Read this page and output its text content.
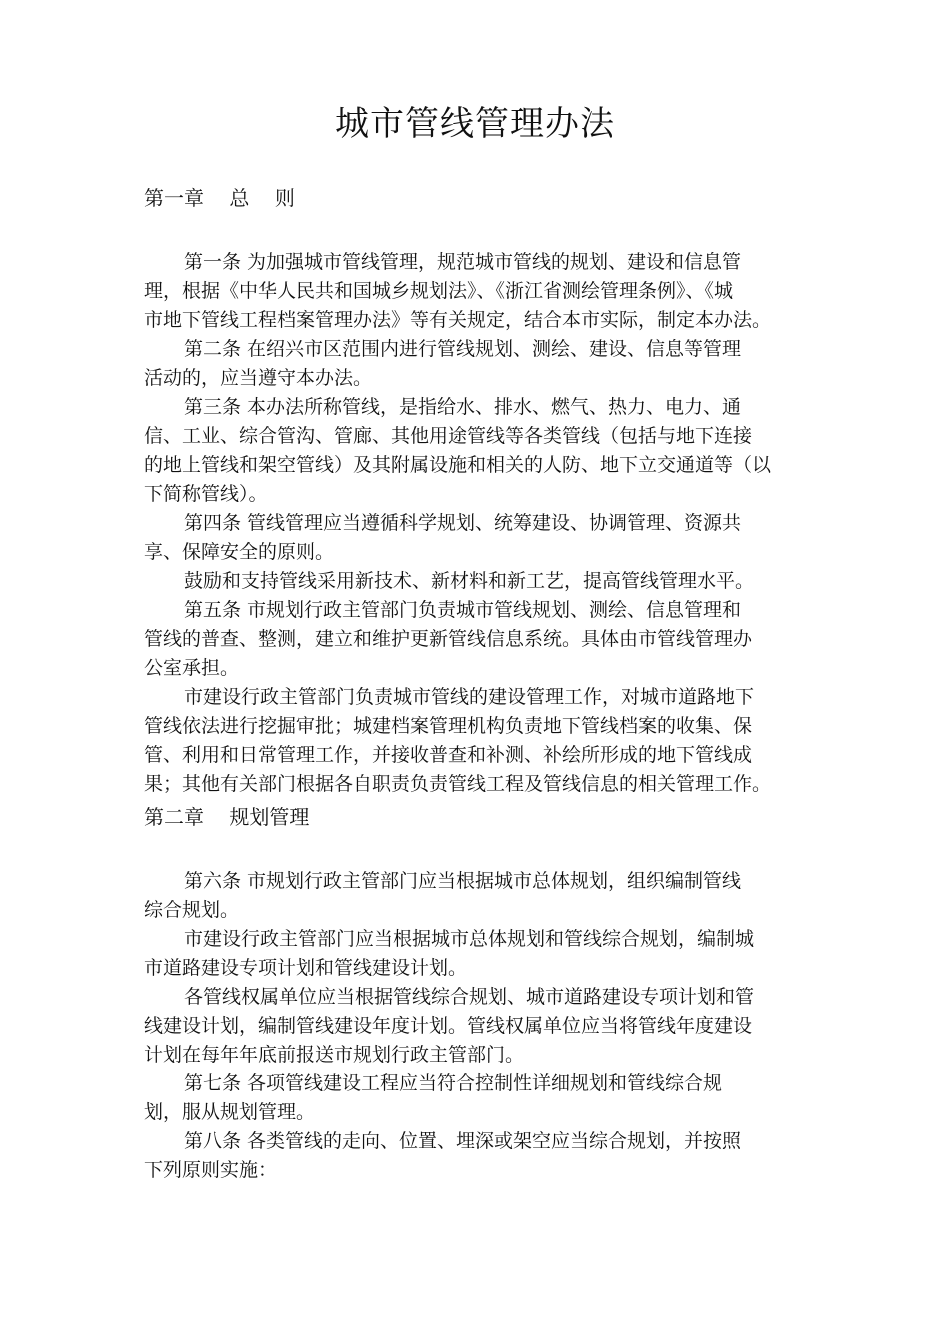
城市管线管理办法
第一章    总    则
第一条 为加强城市管线管理，规范城市管线的规划、建设和信息管
理，根据《中华人民共和国城乡规划法》、《浙江省测绘管理条例》、《城
市地下管线工程档案管理办法》等有关规定，结合本市实际，制定本办法。
第二条 在绍兴市区范围内进行管线规划、测绘、建设、信息等管理
活动的，应当遵守本办法。
第三条 本办法所称管线，是指给水、排水、燃气、热力、电力、通
信、工业、综合管沟、管廊、其他用途管线等各类管线（包括与地下连接
的地上管线和架空管线）及其附属设施和相关的人防、地下立交通道等（以
下简称管线）。
第四条 管线管理应当遵循科学规划、统筹建设、协调管理、资源共
享、保障安全的原则。
鼓励和支持管线采用新技术、新材料和新工艺，提高管线管理水平。
第五条 市规划行政主管部门负责城市管线规划、测绘、信息管理和
管线的普查、整测，建立和维护更新管线信息系统。具体由市管线管理办
公室承担。
市建设行政主管部门负责城市管线的建设管理工作，对城市道路地下
管线依法进行挖掘审批；城建档案管理机构负责地下管线档案的收集、保
管、利用和日常管理工作，并接收普查和补测、补绘所形成的地下管线成
果；其他有关部门根据各自职责负责管线工程及管线信息的相关管理工作。
第二章    规划管理
第六条 市规划行政主管部门应当根据城市总体规划，组织编制管线
综合规划。
市建设行政主管部门应当根据城市总体规划和管线综合规划，编制城
市道路建设专项计划和管线建设计划。
各管线权属单位应当根据管线综合规划、城市道路建设专项计划和管
线建设计划，编制管线建设年度计划。管线权属单位应当将管线年度建设
计划在每年年底前报送市规划行政主管部门。
第七条 各项管线建设工程应当符合控制性详细规划和管线综合规
划，服从规划管理。
第八条 各类管线的走向、位置、埋深或架空应当综合规划，并按照
下列原则实施：
